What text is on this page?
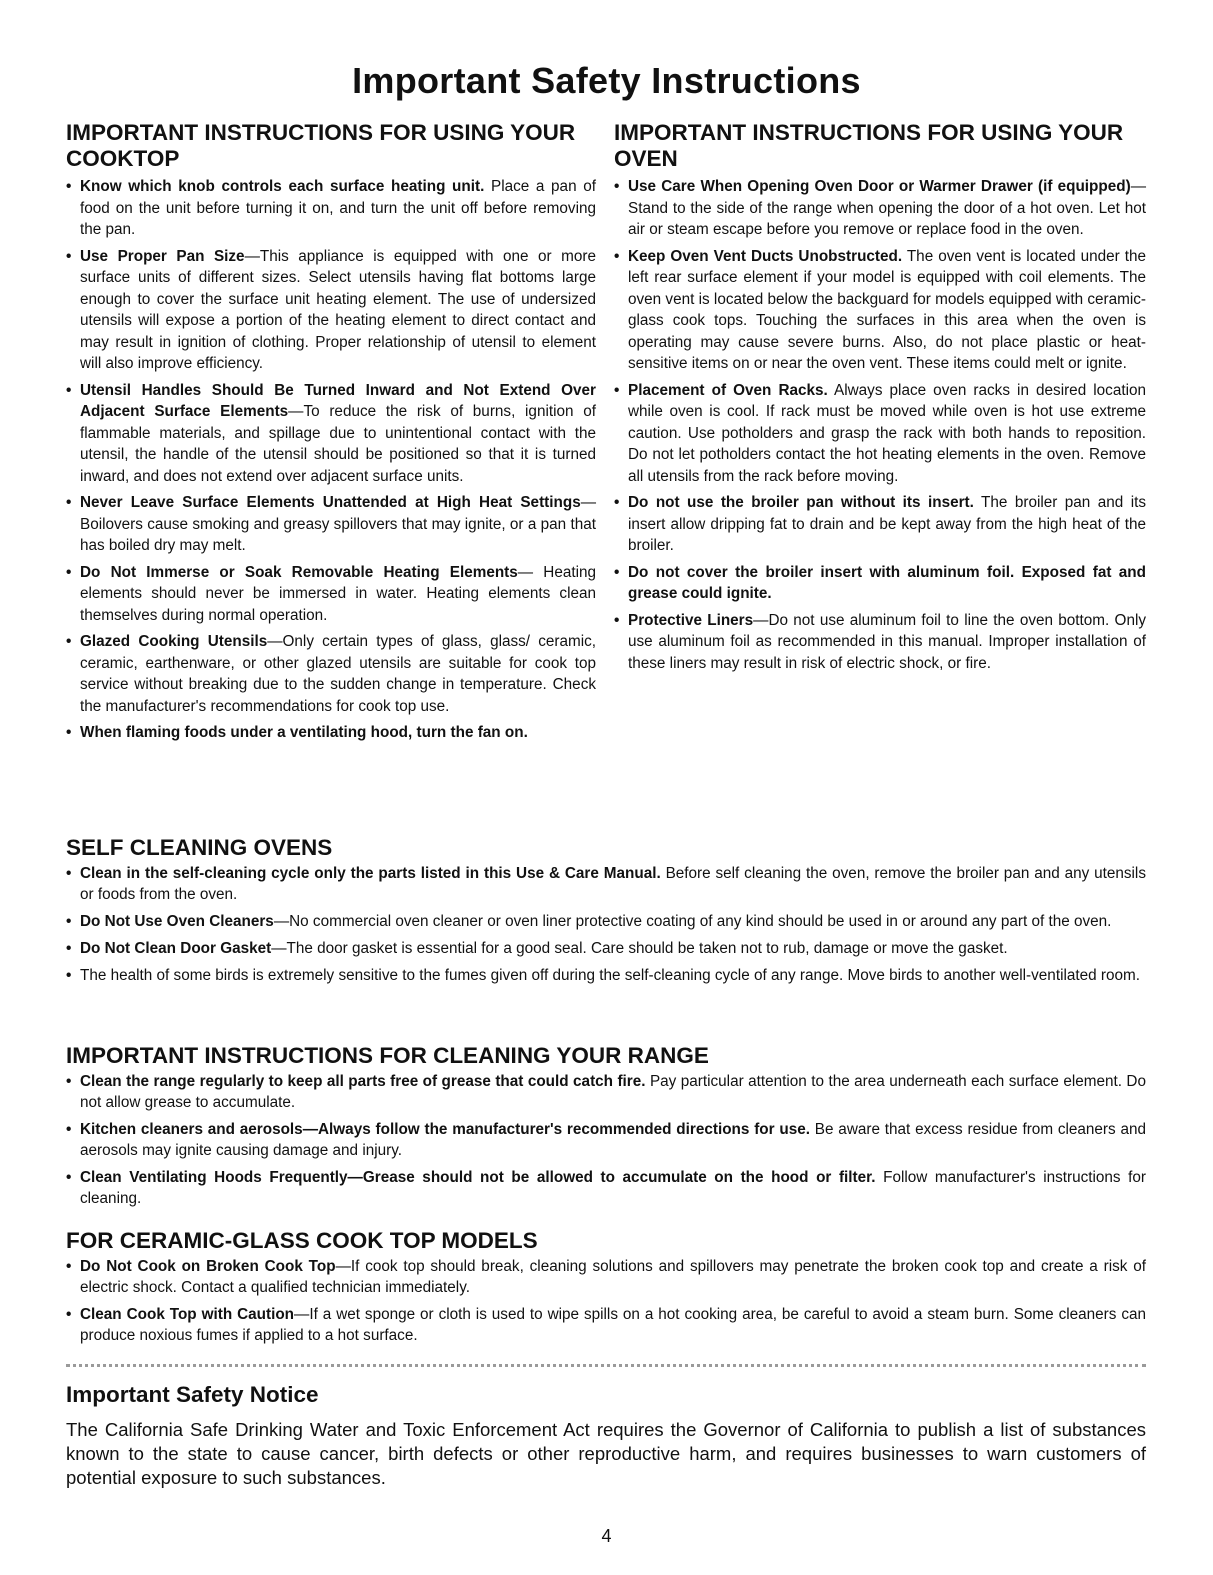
Important Safety Instructions
IMPORTANT INSTRUCTIONS FOR USING YOUR COOKTOP
• Know which knob controls each surface heating unit. Place a pan of food on the unit before turning it on, and turn the unit off before removing the pan.
• Use Proper Pan Size—This appliance is equipped with one or more surface units of different sizes. Select utensils having flat bottoms large enough to cover the surface unit heating element. The use of undersized utensils will expose a portion of the heating element to direct contact and may result in ignition of clothing. Proper relationship of utensil to element will also improve efficiency.
• Utensil Handles Should Be Turned Inward and Not Extend Over Adjacent Surface Elements—To reduce the risk of burns, ignition of flammable materials, and spillage due to unintentional contact with the utensil, the handle of the utensil should be positioned so that it is turned inward, and does not extend over adjacent surface units.
• Never Leave Surface Elements Unattended at High Heat Settings—Boilovers cause smoking and greasy spillovers that may ignite, or a pan that has boiled dry may melt.
• Do Not Immerse or Soak Removable Heating Elements— Heating elements should never be immersed in water. Heating elements clean themselves during normal operation.
• Glazed Cooking Utensils—Only certain types of glass, glass/ ceramic, ceramic, earthenware, or other glazed utensils are suitable for cook top service without breaking due to the sudden change in temperature. Check the manufacturer's recommendations for cook top use.
• When flaming foods under a ventilating hood, turn the fan on.
IMPORTANT INSTRUCTIONS FOR USING YOUR OVEN
• Use Care When Opening Oven Door or Warmer Drawer (if equipped)—Stand to the side of the range when opening the door of a hot oven. Let hot air or steam escape before you remove or replace food in the oven.
• Keep Oven Vent Ducts Unobstructed. The oven vent is located under the left rear surface element if your model is equipped with coil elements. The oven vent is located below the backguard for models equipped with ceramic-glass cook tops. Touching the surfaces in this area when the oven is operating may cause severe burns. Also, do not place plastic or heat-sensitive items on or near the oven vent. These items could melt or ignite.
• Placement of Oven Racks. Always place oven racks in desired location while oven is cool. If rack must be moved while oven is hot use extreme caution. Use potholders and grasp the rack with both hands to reposition. Do not let potholders contact the hot heating elements in the oven. Remove all utensils from the rack before moving.
• Do not use the broiler pan without its insert. The broiler pan and its insert allow dripping fat to drain and be kept away from the high heat of the broiler.
• Do not cover the broiler insert with aluminum foil. Exposed fat and grease could ignite.
• Protective Liners—Do not use aluminum foil to line the oven bottom. Only use aluminum foil as recommended in this manual. Improper installation of these liners may result in risk of electric shock, or fire.
SELF CLEANING OVENS
• Clean in the self-cleaning cycle only the parts listed in this Use & Care Manual. Before self cleaning the oven, remove the broiler pan and any utensils or foods from the oven.
• Do Not Use Oven Cleaners—No commercial oven cleaner or oven liner protective coating of any kind should be used in or around any part of the oven.
• Do Not Clean Door Gasket—The door gasket is essential for a good seal. Care should be taken not to rub, damage or move the gasket.
• The health of some birds is extremely sensitive to the fumes given off during the self-cleaning cycle of any range. Move birds to another well-ventilated room.
IMPORTANT INSTRUCTIONS FOR CLEANING YOUR RANGE
• Clean the range regularly to keep all parts free of grease that could catch fire. Pay particular attention to the area underneath each surface element. Do not allow grease to accumulate.
• Kitchen cleaners and aerosols—Always follow the manufacturer's recommended directions for use. Be aware that excess residue from cleaners and aerosols may ignite causing damage and injury.
• Clean Ventilating Hoods Frequently—Grease should not be allowed to accumulate on the hood or filter. Follow manufacturer's instructions for cleaning.
FOR CERAMIC-GLASS COOK TOP MODELS
• Do Not Cook on Broken Cook Top—If cook top should break, cleaning solutions and spillovers may penetrate the broken cook top and create a risk of electric shock. Contact a qualified technician immediately.
• Clean Cook Top with Caution—If a wet sponge or cloth is used to wipe spills on a hot cooking area, be careful to avoid a steam burn. Some cleaners can produce noxious fumes if applied to a hot surface.
Important Safety Notice
The California Safe Drinking Water and Toxic Enforcement Act requires the Governor of California to publish a list of substances known to the state to cause cancer, birth defects or other reproductive harm, and requires businesses to warn customers of potential exposure to such substances.
4
